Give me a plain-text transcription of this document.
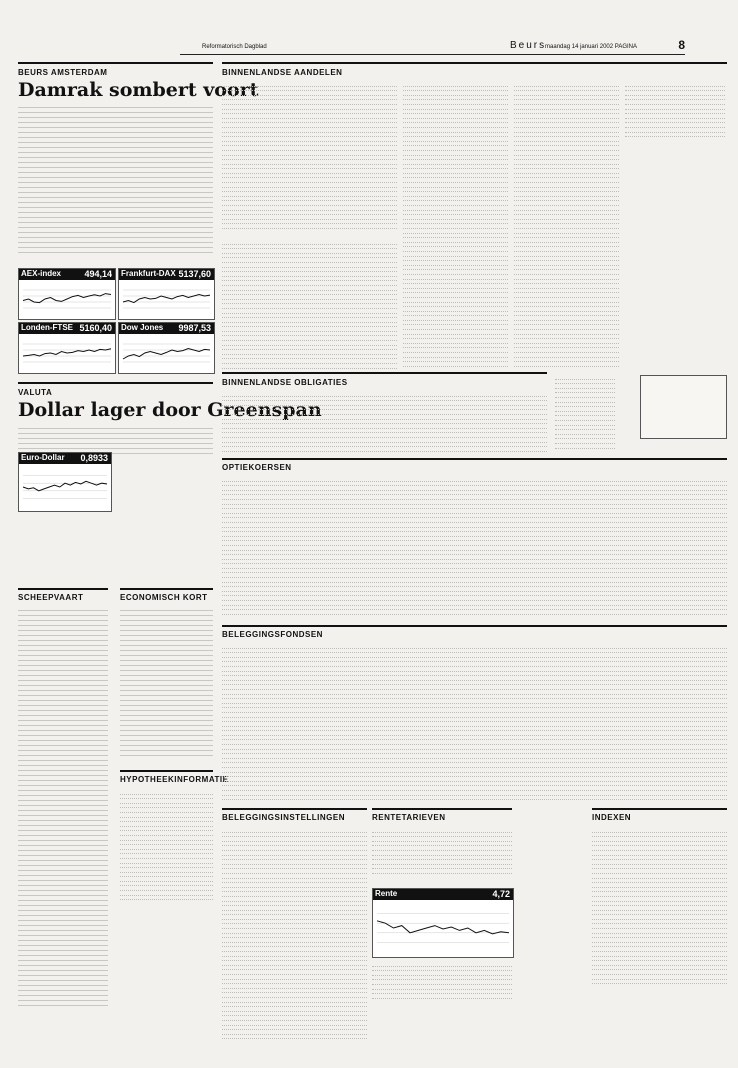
Reformatorisch Dagblad	Beurs
maandag 14 januari 2002 PAGINA	8
BEURS AMSTERDAM
Damrak sombert voort
AEX-index	494,14 Frankfurt-DAX 5137,60
Londen-FTSE 5160,40 Dow Jones 9987,53
VALUTA
Dollar lager door Greenspan
Euro-Dollar 0,8933
SCHEEPVAART	ECONOMISCH KORT
HYPOTHEEKINFORMATIE
BINNENLANDSE AANDELEN
BINNENLANDSE OBLIGATIES
OPTIEKOERSEN
BELEGGINGSFONDSEN
BELEGGINGSINSTELLINGEN	RENTETARIEVEN
Rente	4,72
INDEXEN
